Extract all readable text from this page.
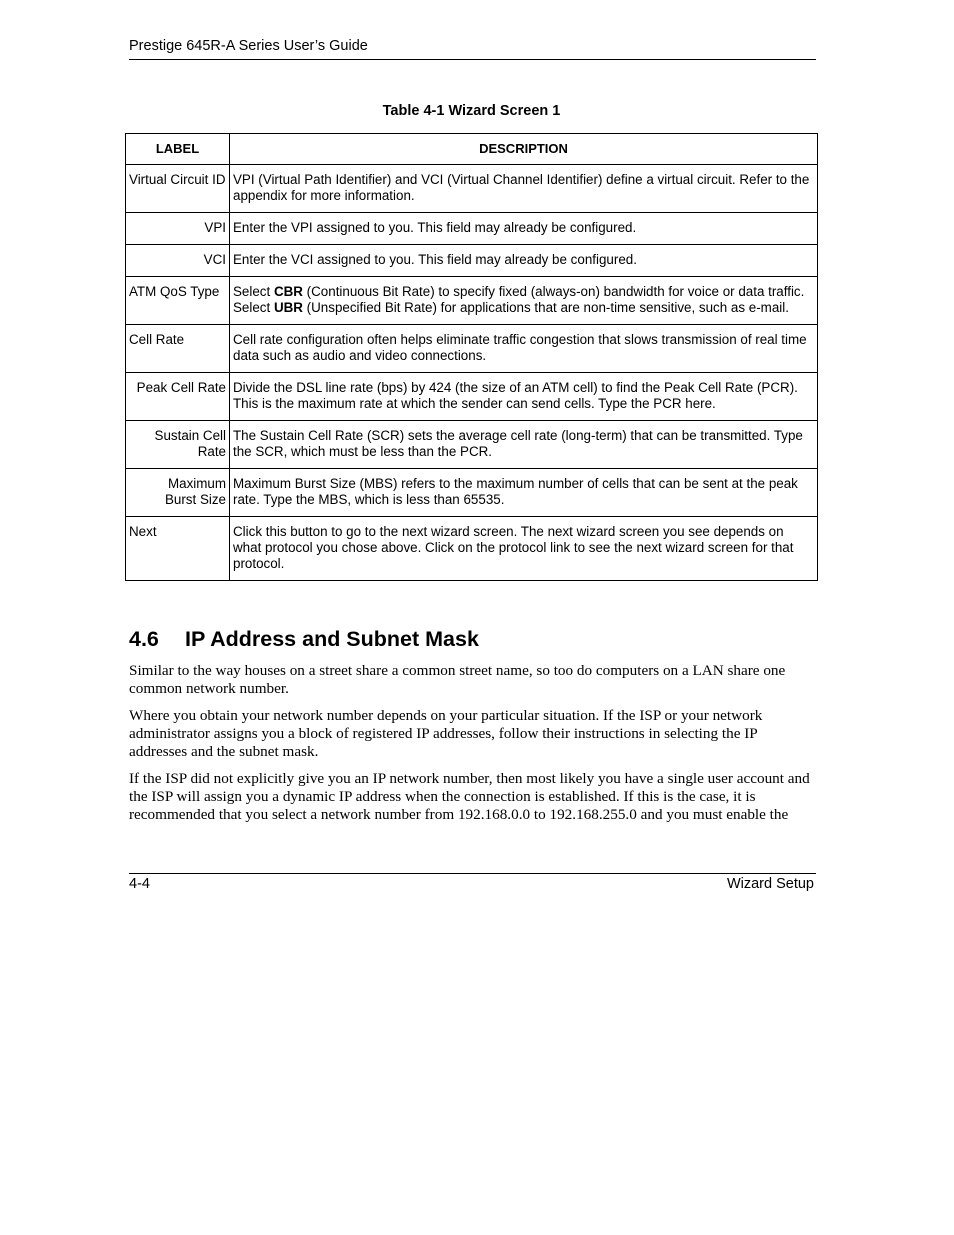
Prestige 645R-A Series User’s Guide
Table 4-1 Wizard Screen 1
LABEL	DESCRIPTION
Virtual Circuit ID	VPI (Virtual Path Identifier) and VCI (Virtual Channel Identifier) define a virtual circuit. Refer to the appendix for more information.
VPI	Enter the VPI assigned to you. This field may already be configured.
VCI	Enter the VCI assigned to you. This field may already be configured.
ATM QoS Type	Select CBR (Continuous Bit Rate) to specify fixed (always-on) bandwidth for voice or data traffic. Select UBR (Unspecified Bit Rate) for applications that are non-time sensitive, such as e-mail.
Cell Rate	Cell rate configuration often helps eliminate traffic congestion that slows transmission of real time data such as audio and video connections.
Peak Cell Rate	Divide the DSL line rate (bps) by 424 (the size of an ATM cell) to find the Peak Cell Rate (PCR). This is the maximum rate at which the sender can send cells. Type the PCR here.
Sustain Cell
Rate	The Sustain Cell Rate (SCR) sets the average cell rate (long-term) that can be transmitted. Type the SCR, which must be less than the PCR.
Maximum
Burst Size	Maximum Burst Size (MBS) refers to the maximum number of cells that can be sent at the peak rate. Type the MBS, which is less than 65535.
Next	Click this button to go to the next wizard screen. The next wizard screen you see depends on what protocol you chose above. Click on the protocol link to see the next wizard screen for that protocol.
4.6 IP Address and Subnet Mask

Similar to the way houses on a street share a common street name, so too do computers on a LAN share one common network number.

Where you obtain your network number depends on your particular situation. If the ISP or your network administrator assigns you a block of registered IP addresses, follow their instructions in selecting the IP addresses and the subnet mask.

If the ISP did not explicitly give you an IP network number, then most likely you have a single user account and the ISP will assign you a dynamic IP address when the connection is established. If this is the case, it is recommended that you select a network number from 192.168.0.0 to 192.168.255.0 and you must enable the

4-4	Wizard Setup
